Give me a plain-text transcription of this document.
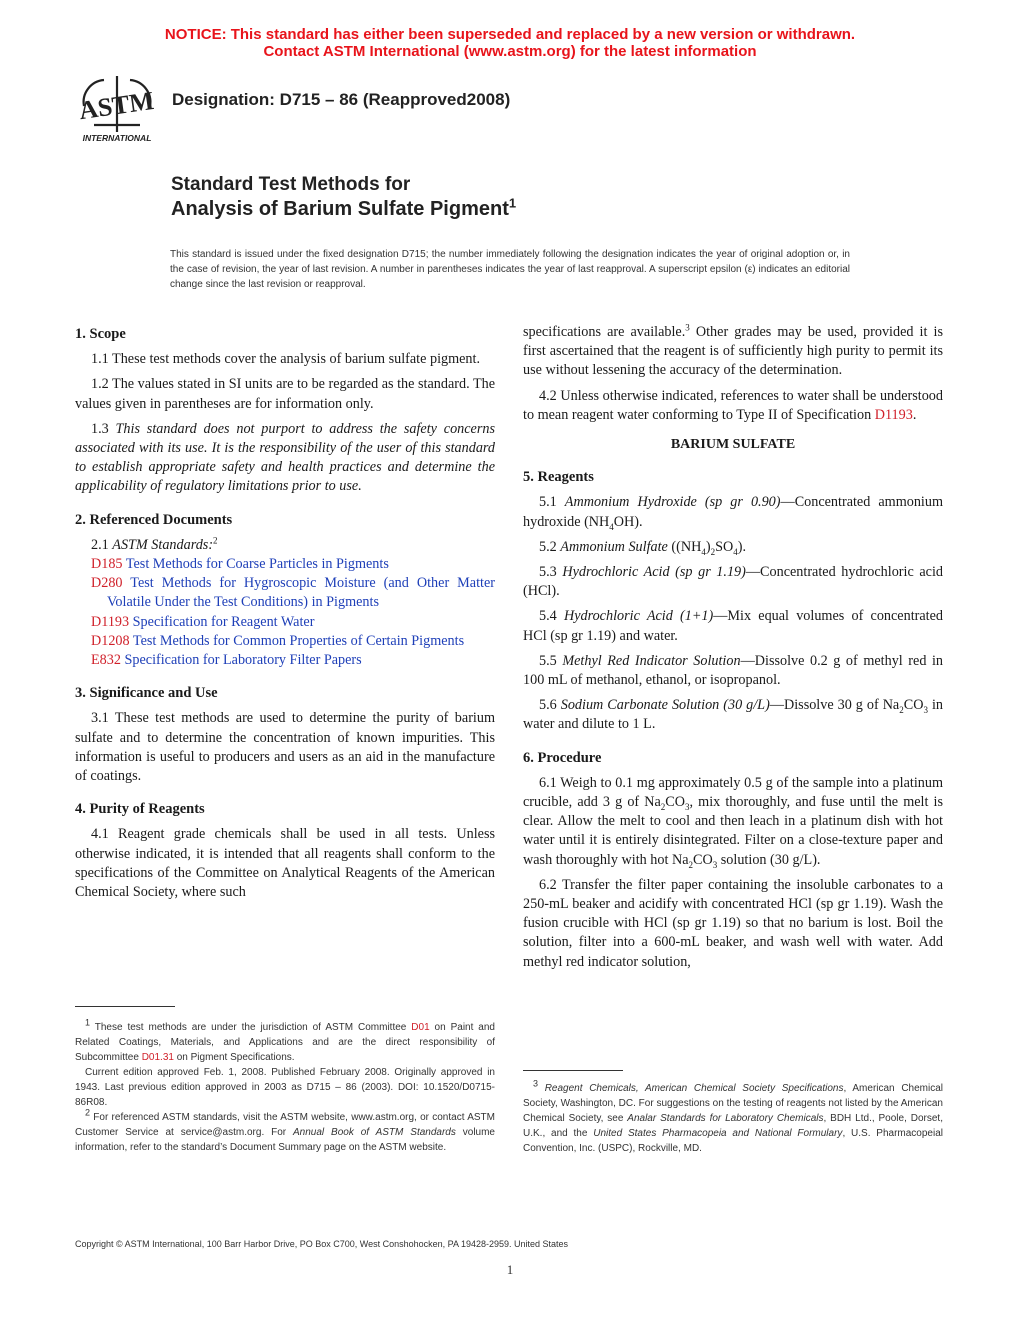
NOTICE: This standard has either been superseded and replaced by a new version or withdrawn.
Contact ASTM International (www.astm.org) for the latest information
ASTM
INTERNATIONAL
Designation: D715 – 86 (Reapproved2008)
Standard Test Methods for
Analysis of Barium Sulfate Pigment$^1$
This standard is issued under the fixed designation D715; the number immediately following the designation indicates the year of original adoption or, in the case of revision, the year of last revision. A number in parentheses indicates the year of last reapproval. A superscript epsilon (ε) indicates an editorial change since the last revision or reapproval.
1. Scope

1.1 These test methods cover the analysis of barium sulfate pigment.

1.2 The values stated in SI units are to be regarded as the standard. The values given in parentheses are for information only.

1.3 This standard does not purport to address the safety concerns associated with its use. It is the responsibility of the user of this standard to establish appropriate safety and health practices and determine the applicability of regulatory limitations prior to use.

2. Referenced Documents

2.1 ASTM Standards:$^2$

D185 Test Methods for Coarse Particles in Pigments
D280 Test Methods for Hygroscopic Moisture (and Other Matter Volatile Under the Test Conditions) in Pigments
D1193 Specification for Reagent Water
D1208 Test Methods for Common Properties of Certain Pigments
E832 Specification for Laboratory Filter Papers
3. Significance and Use

3.1 These test methods are used to determine the purity of barium sulfate and to determine the concentration of known impurities. This information is useful to producers and users as an aid in the manufacture of coatings.

4. Purity of Reagents

4.1 Reagent grade chemicals shall be used in all tests. Unless otherwise indicated, it is intended that all reagents shall conform to the specifications of the Committee on Analytical Reagents of the American Chemical Society, where such

$^1$ These test methods are under the jurisdiction of ASTM Committee D01 on Paint and Related Coatings, Materials, and Applications and are the direct responsibility of Subcommittee D01.31 on Pigment Specifications.

Current edition approved Feb. 1, 2008. Published February 2008. Originally approved in 1943. Last previous edition approved in 2003 as D715 – 86 (2003). DOI: 10.1520/D0715-86R08.

$^2$ For referenced ASTM standards, visit the ASTM website, www.astm.org, or contact ASTM Customer Service at service@astm.org. For Annual Book of ASTM Standards volume information, refer to the standard’s Document Summary page on the ASTM website.

specifications are available.$^3$ Other grades may be used, provided it is first ascertained that the reagent is of sufficiently high purity to permit its use without lessening the accuracy of the determination.

4.2 Unless otherwise indicated, references to water shall be understood to mean reagent water conforming to Type II of Specification D1193.

BARIUM SULFATE
5. Reagents

5.1 Ammonium Hydroxide (sp gr 0.90)—Concentrated ammonium hydroxide $(NH_4OH)$.

5.2 Ammonium Sulfate $((NH_4)_2SO_4)$.

5.3 Hydrochloric Acid (sp gr 1.19)—Concentrated hydrochloric acid (HCl).

5.4 Hydrochloric Acid (1+1)—Mix equal volumes of concentrated HCl (sp gr 1.19) and water.

5.5 Methyl Red Indicator Solution—Dissolve 0.2 g of methyl red in 100 mL of methanol, ethanol, or isopropanol.

5.6 Sodium Carbonate Solution (30 g/L)—Dissolve 30 g of $Na_2CO_3$ in water and dilute to 1 L.

6. Procedure

6.1 Weigh to 0.1 mg approximately 0.5 g of the sample into a platinum crucible, add 3 g of $Na_2CO_3$, mix thoroughly, and fuse until the melt is clear. Allow the melt to cool and then leach in a platinum dish with hot water until it is entirely disintegrated. Filter on a close-texture paper and wash thoroughly with hot $Na_2CO_3$ solution (30 g/L).

6.2 Transfer the filter paper containing the insoluble carbonates to a 250-mL beaker and acidify with concentrated HCl (sp gr 1.19). Wash the fusion crucible with HCl (sp gr 1.19) so that no barium is lost. Boil the solution, filter into a 600-mL beaker, and wash well with water. Add methyl red indicator solution,

$^3$ Reagent Chemicals, American Chemical Society Specifications, American Chemical Society, Washington, DC. For suggestions on the testing of reagents not listed by the American Chemical Society, see Analar Standards for Laboratory Chemicals, BDH Ltd., Poole, Dorset, U.K., and the United States Pharmacopeia and National Formulary, U.S. Pharmacopeial Convention, Inc. (USPC), Rockville, MD.

Copyright © ASTM International, 100 Barr Harbor Drive, PO Box C700, West Conshohocken, PA 19428-2959. United States
1
